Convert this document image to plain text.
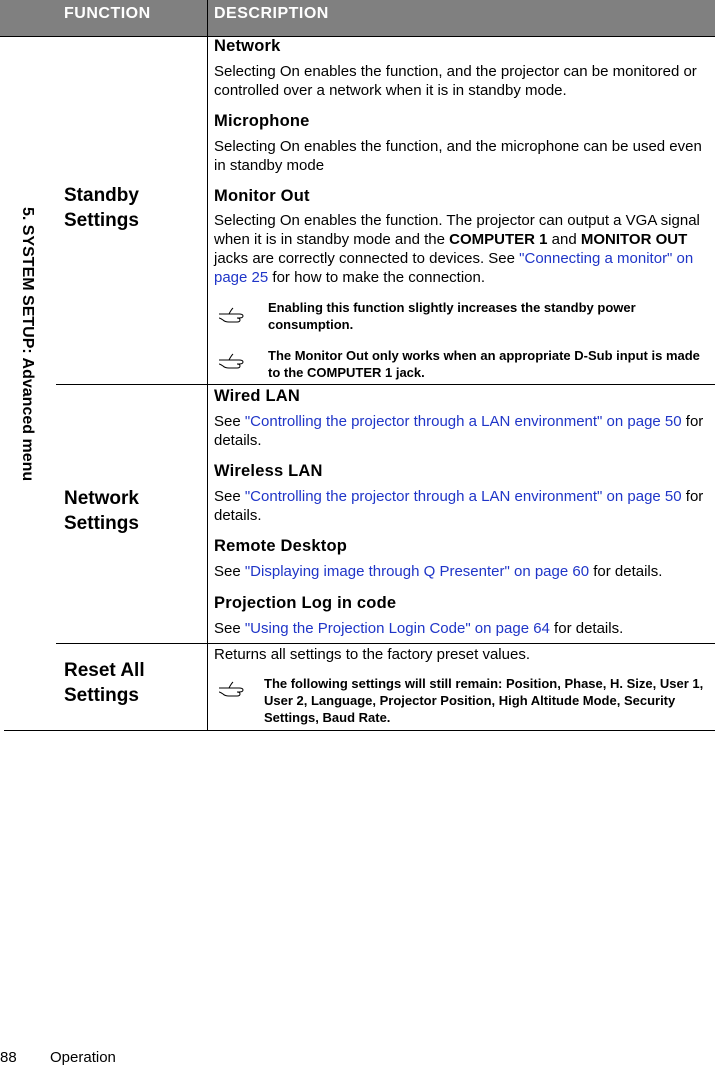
FUNCTION	DESCRIPTION
5. SYSTEM SETUP: Advanced menu
Standby
Settings
Network
Selecting On enables the function, and the projector can be monitored or controlled over a network when it is in standby mode.
Microphone
Selecting On enables the function, and the microphone can be used even in standby mode
Monitor Out
Selecting On enables the function. The projector can output a VGA signal when it is in standby mode and the COMPUTER 1 and MONITOR OUT jacks are correctly connected to devices. See "Connecting a monitor" on page 25 for how to make the connection.
Enabling this function slightly increases the standby power consumption.
The Monitor Out only works when an appropriate D-Sub input is made to the COMPUTER 1 jack.
Network
Settings
Wired LAN
See "Controlling the projector through a LAN environment" on page 50 for details.
Wireless LAN
See "Controlling the projector through a LAN environment" on page 50 for details.
Remote Desktop
See "Displaying image through Q Presenter" on page 60 for details.
Projection Log in code
See "Using the Projection Login Code" on page 64 for details.
Reset All
Settings
Returns all settings to the factory preset values.
The following settings will still remain: Position, Phase, H. Size, User 1, User 2, Language, Projector Position, High Altitude Mode, Security Settings, Baud Rate.
88 Operation
